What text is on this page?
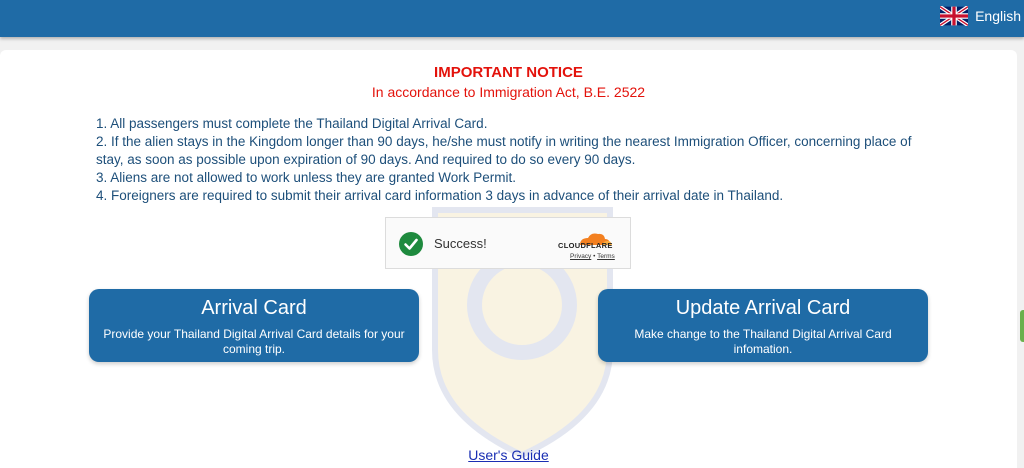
English
IMPORTANT NOTICE
In accordance to Immigration Act, B.E. 2522
1. All passengers must complete the Thailand Digital Arrival Card.
2. If the alien stays in the Kingdom longer than 90 days, he/she must notify in writing the nearest Immigration Officer, concerning place of stay, as soon as possible upon expiration of 90 days. And required to do so every 90 days.
3. Aliens are not allowed to work unless they are granted Work Permit.
4. Foreigners are required to submit their arrival card information 3 days in advance of their arrival date in Thailand.
Success!	CLOUDFLARE
Privacy • Terms
Arrival Card
Provide your Thailand Digital Arrival Card details for your coming trip.
Update Arrival Card
Make change to the Thailand Digital Arrival Card infomation.
User's Guide
